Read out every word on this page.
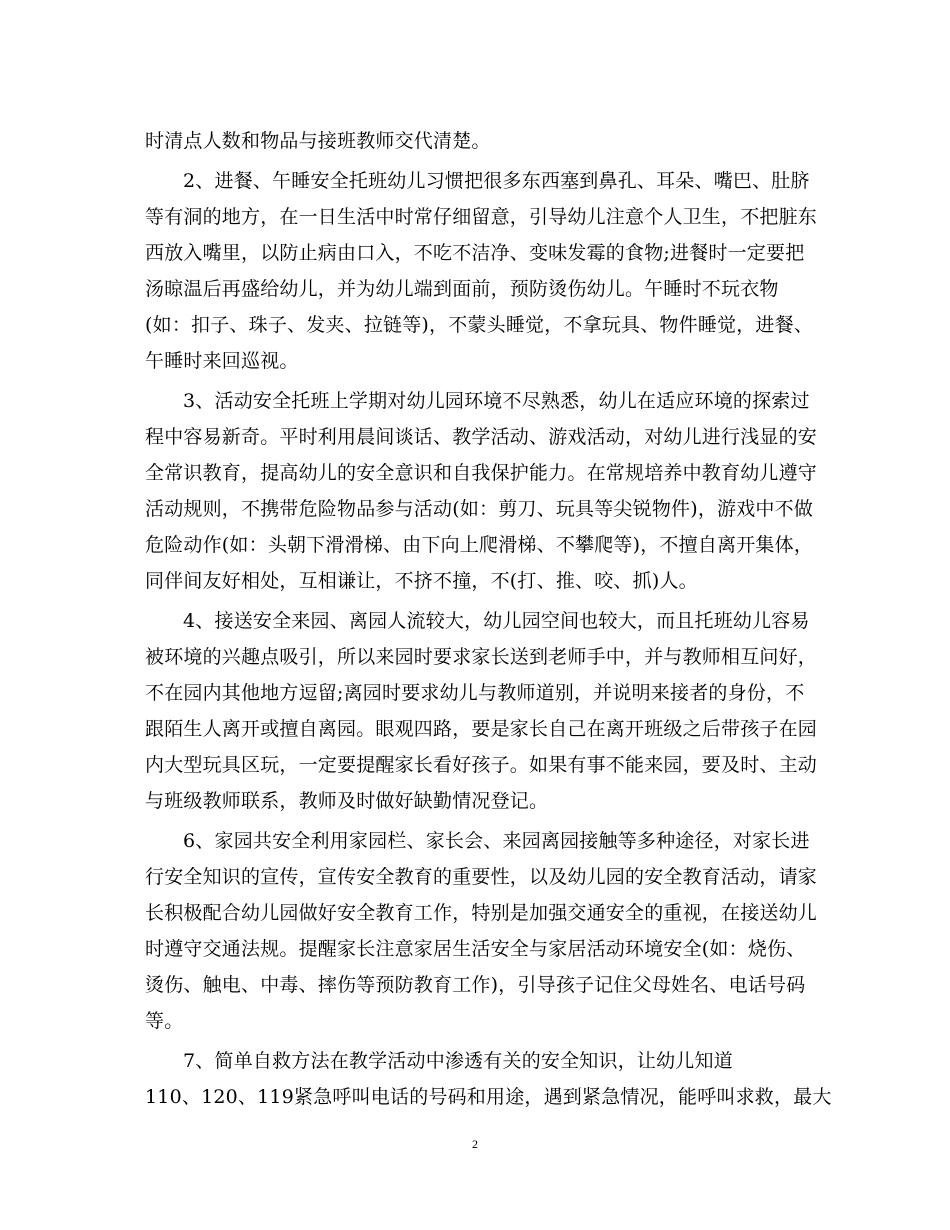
时清点人数和物品与接班教师交代清楚。
2、进餐、午睡安全托班幼儿习惯把很多东西塞到鼻孔、耳朵、嘴巴、肚脐
等有洞的地方，在一日生活中时常仔细留意，引导幼儿注意个人卫生，不把脏东
西放入嘴里，以防止病由口入，不吃不洁净、变味发霉的食物;进餐时一定要把
汤晾温后再盛给幼儿，并为幼儿端到面前，预防烫伤幼儿。午睡时不玩衣物
(如：扣子、珠子、发夹、拉链等)，不蒙头睡觉，不拿玩具、物件睡觉，进餐、
午睡时来回巡视。
3、活动安全托班上学期对幼儿园环境不尽熟悉，幼儿在适应环境的探索过
程中容易新奇。平时利用晨间谈话、教学活动、游戏活动，对幼儿进行浅显的安
全常识教育，提高幼儿的安全意识和自我保护能力。在常规培养中教育幼儿遵守
活动规则，不携带危险物品参与活动(如：剪刀、玩具等尖锐物件)，游戏中不做
危险动作(如：头朝下滑滑梯、由下向上爬滑梯、不攀爬等)，不擅自离开集体，
同伴间友好相处，互相谦让，不挤不撞，不(打、推、咬、抓)人。
4、接送安全来园、离园人流较大，幼儿园空间也较大，而且托班幼儿容易
被环境的兴趣点吸引，所以来园时要求家长送到老师手中，并与教师相互问好，
不在园内其他地方逗留;离园时要求幼儿与教师道别，并说明来接者的身份，不
跟陌生人离开或擅自离园。眼观四路，要是家长自己在离开班级之后带孩子在园
内大型玩具区玩，一定要提醒家长看好孩子。如果有事不能来园，要及时、主动
与班级教师联系，教师及时做好缺勤情况登记。
6、家园共安全利用家园栏、家长会、来园离园接触等多种途径，对家长进
行安全知识的宣传，宣传安全教育的重要性，以及幼儿园的安全教育活动，请家
长积极配合幼儿园做好安全教育工作，特别是加强交通安全的重视，在接送幼儿
时遵守交通法规。提醒家长注意家居生活安全与家居活动环境安全(如：烧伤、
烫伤、触电、中毒、摔伤等预防教育工作)，引导孩子记住父母姓名、电话号码
等。
7、简单自救方法在教学活动中渗透有关的安全知识，让幼儿知道
110、120、119紧急呼叫电话的号码和用途，遇到紧急情况，能呼叫求救，最大
2
